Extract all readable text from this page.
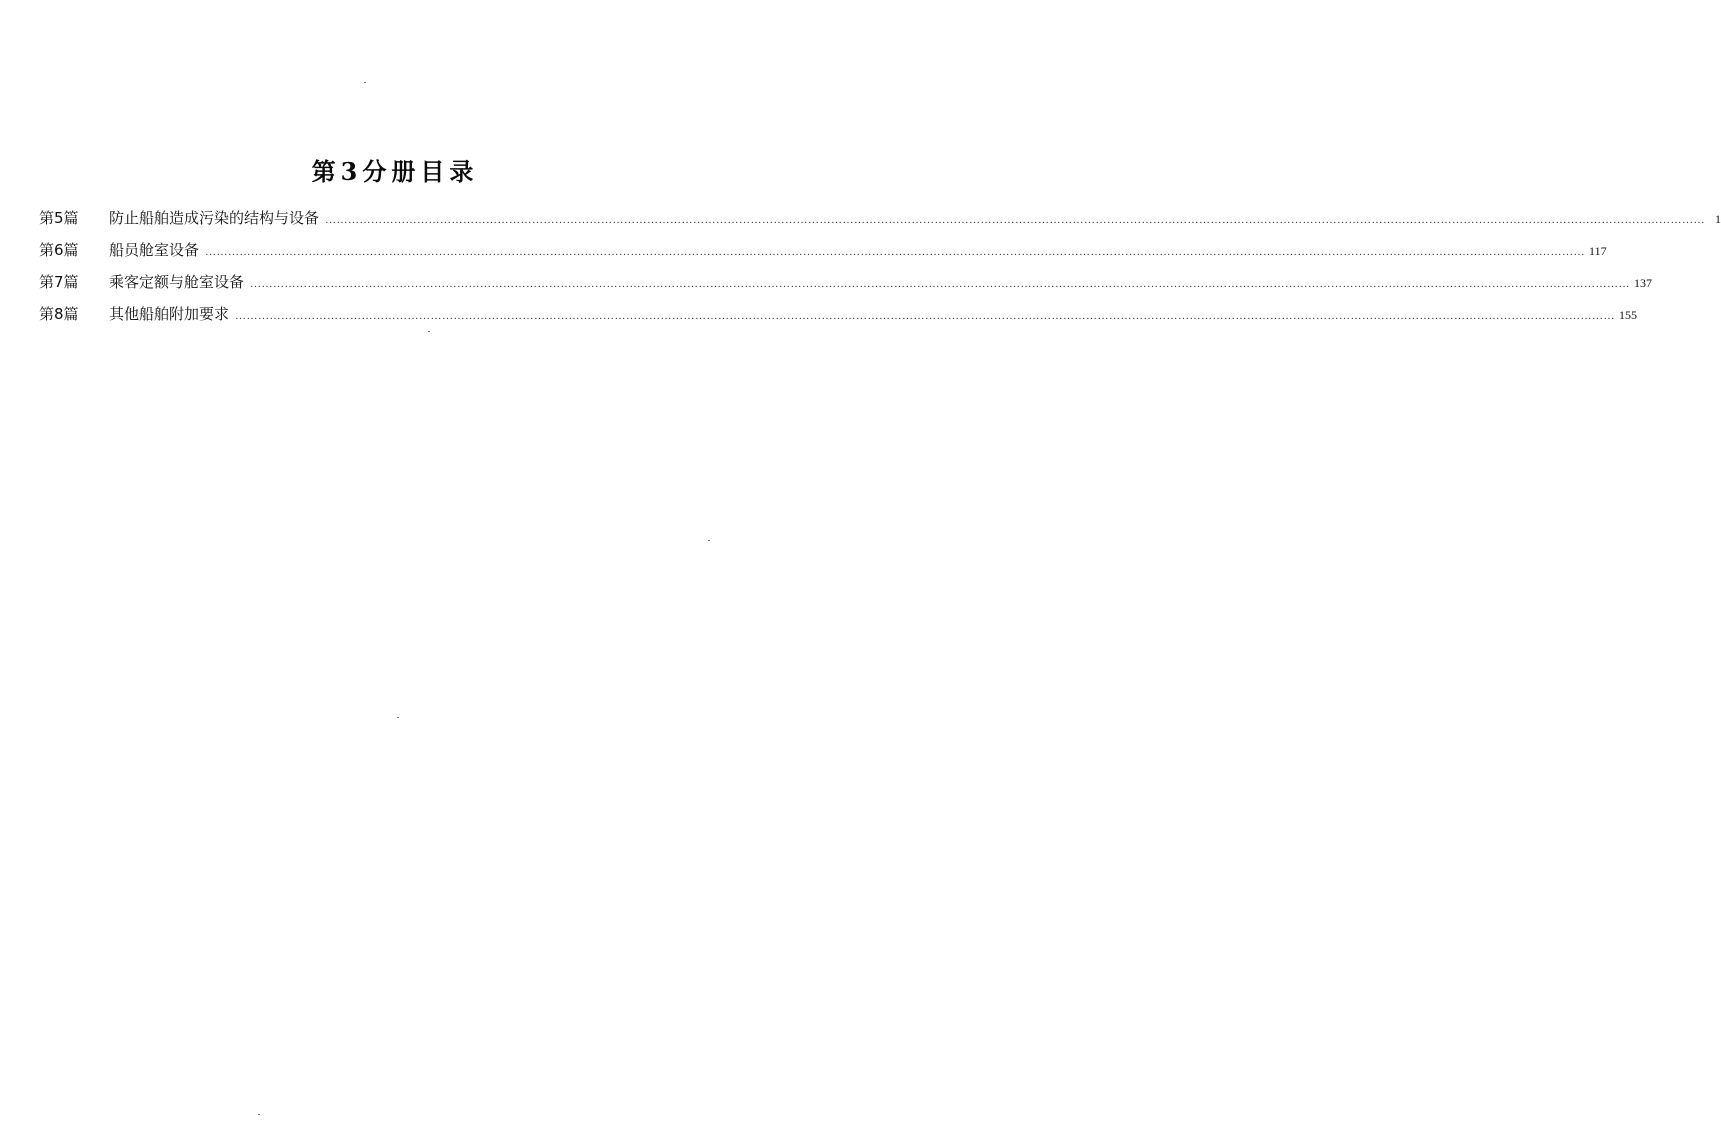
第3分册目录
第5篇	防止船舶造成污染的结构与设备 ……………………………………………………………………………………………………………………………………………………………………………………………………………………………………………………………………………………………………………………………… 1
第6篇	船员舱室设备 ……………………………………………………………………………………………………………………………………………………………………………………………………………………………………………………………………………………………………………………………… 117
第7篇	乘客定额与舱室设备 ……………………………………………………………………………………………………………………………………………………………………………………………………………………………………………………………………………………………………………………………… 137
第8篇	其他船舶附加要求 ……………………………………………………………………………………………………………………………………………………………………………………………………………………………………………………………………………………………………………………………… 155
